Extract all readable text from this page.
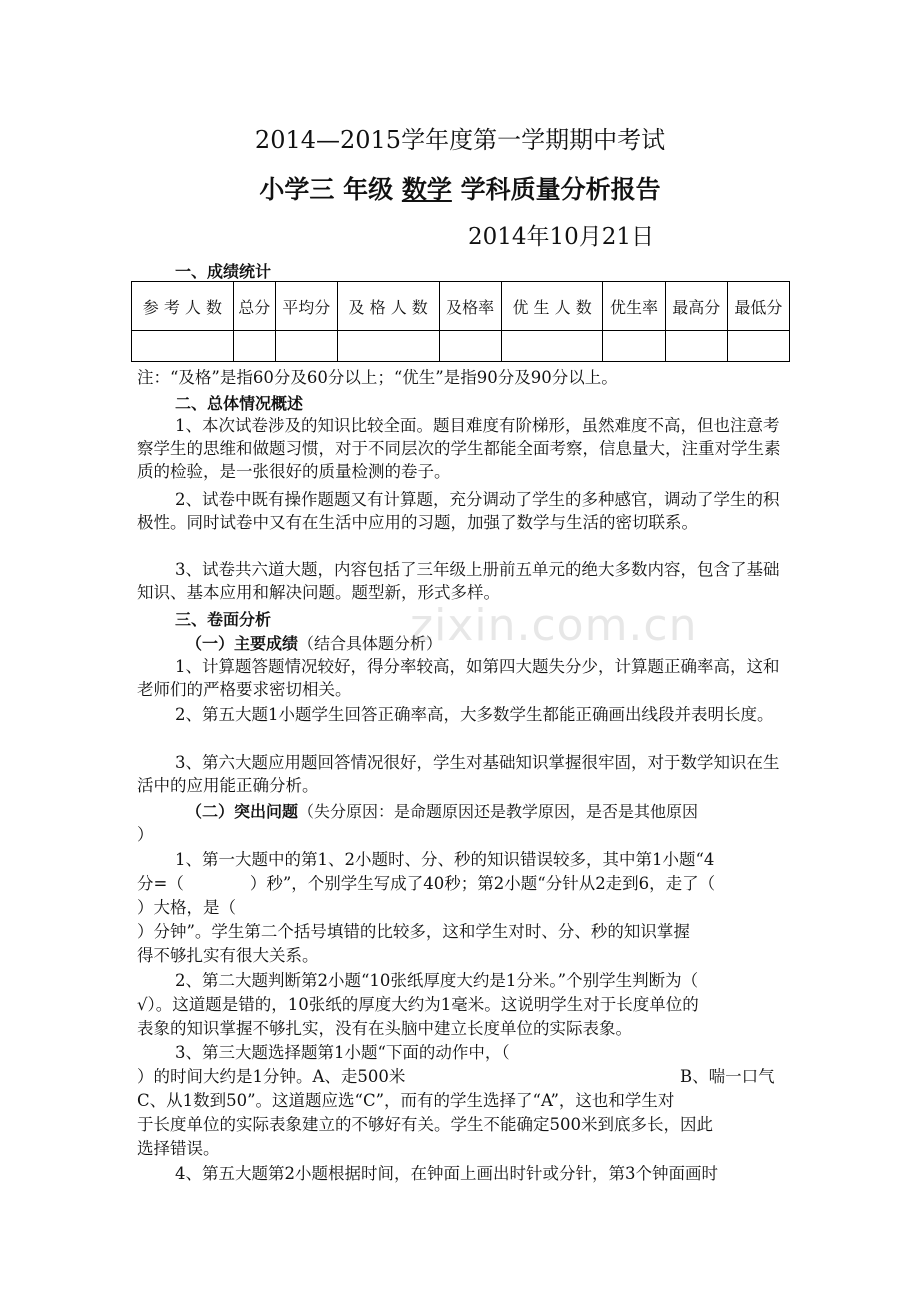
zixin.com.cn
2014—2015学年度第一学期期中考试
小学三 年级 数学 学科质量分析报告
2014年10月21日
一、成绩统计
参 考 人 数	总分	平均分	及 格 人 数	及格率	优 生 人 数	优生率	最高分	最低分

注：“及格”是指60分及60分以上；“优生”是指90分及90分以上。
二、总体情况概述
1、本次试卷涉及的知识比较全面。题目难度有阶梯形，虽然难度不高，但也注意考察学生的思维和做题习惯，对于不同层次的学生都能全面考察，信息量大，注重对学生素质的检验，是一张很好的质量检测的卷子。
2、试卷中既有操作题题又有计算题，充分调动了学生的多种感官，调动了学生的积极性。同时试卷中又有在生活中应用的习题，加强了数学与生活的密切联系。
3、试卷共六道大题，内容包括了三年级上册前五单元的绝大多数内容，包含了基础知识、基本应用和解决问题。题型新，形式多样。
三、卷面分析
（一）主要成绩（结合具体题分析）
1、计算题答题情况较好，得分率较高，如第四大题失分少，计算题正确率高，这和老师们的严格要求密切相关。
2、第五大题1小题学生回答正确率高，大多数学生都能正确画出线段并表明长度。
3、第六大题应用题回答情况很好，学生对基础知识掌握很牢固，对于数学知识在生活中的应用能正确分析。
（二）突出问题（失分原因：是命题原因还是教学原因，是否是其他原因
）
1、第一大题中的第1、2小题时、分、秒的知识错误较多，其中第1小题“4
分=（　　　　）秒”，个别学生写成了40秒；第2小题“分针从2走到6，走了（
）大格，是（
）分钟”。学生第二个括号填错的比较多，这和学生对时、分、秒的知识掌握
得不够扎实有很大关系。
2、第二大题判断第2小题“10张纸厚度大约是1分米。”个别学生判断为（
√）。这道题是错的，10张纸的厚度大约为1毫米。这说明学生对于长度单位的
表象的知识掌握不够扎实，没有在头脑中建立长度单位的实际表象。
3、第三大题选择题第1小题“下面的动作中，（
）的时间大约是1分钟。A、走500米	B、喘一口气
C、从1数到50”。这道题应选“C”，而有的学生选择了“A”，这也和学生对
于长度单位的实际表象建立的不够好有关。学生不能确定500米到底多长，因此
选择错误。
4、第五大题第2小题根据时间，在钟面上画出时针或分针，第3个钟面画时
